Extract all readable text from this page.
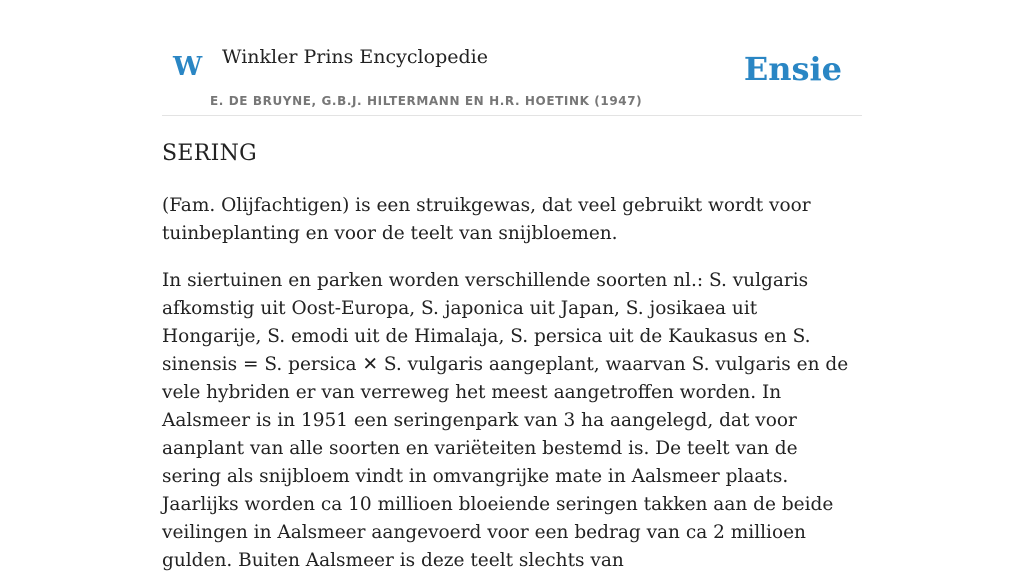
W Winkler Prins Encyclopedie
E. DE BRUYNE, G.B.J. HILTERMANN EN H.R. HOETINK (1947)
Ensie
SERING

(Fam. Olijfachtigen) is een struikgewas, dat veel gebruikt wordt voor tuinbeplanting en voor de teelt van snijbloemen.

In siertuinen en parken worden verschillende soorten nl.: S. vulgaris afkomstig uit Oost-Europa, S. japonica uit Japan, S. josikaea uit Hongarije, S. emodi uit de Himalaja, S. persica uit de Kaukasus en S. sinensis = S. persica ✕ S. vulgaris aangeplant, waarvan S. vulgaris en de vele hybriden er van verreweg het meest aangetroffen worden. In Aalsmeer is in 1951 een seringenpark van 3 ha aangelegd, dat voor aanplant van alle soorten en variëteiten bestemd is. De teelt van de sering als snijbloem vindt in omvangrijke mate in Aalsmeer plaats. Jaarlijks worden ca 10 millioen bloeiende seringen takken aan de beide veilingen in Aalsmeer aangevoerd voor een bedrag van ca 2 millioen gulden. Buiten Aalsmeer is deze teelt slechts van
